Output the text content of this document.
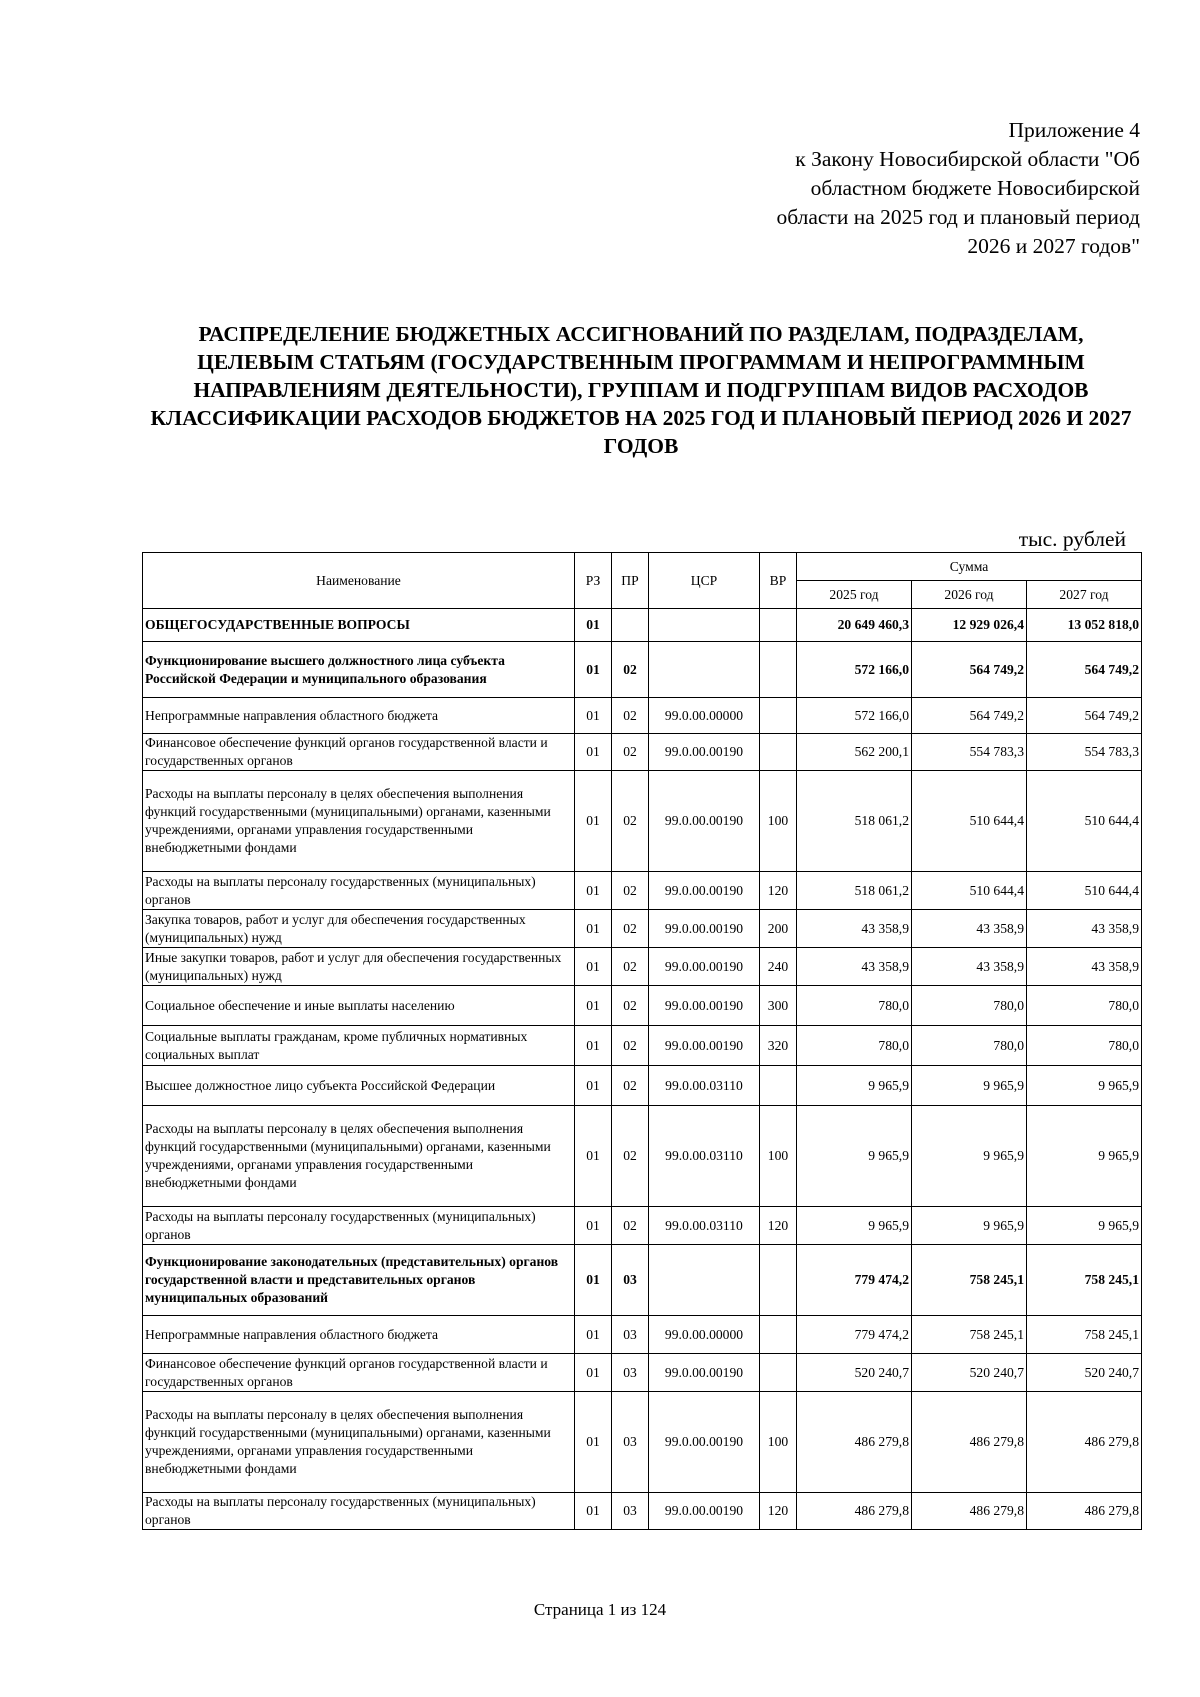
Приложение 4
к Закону Новосибирской области "Об
областном бюджете Новосибирской
области на 2025 год и плановый период
2026 и 2027 годов"
РАСПРЕДЕЛЕНИЕ БЮДЖЕТНЫХ АССИГНОВАНИЙ ПО РАЗДЕЛАМ, ПОДРАЗДЕЛАМ, ЦЕЛЕВЫМ СТАТЬЯМ (ГОСУДАРСТВЕННЫМ ПРОГРАММАМ И НЕПРОГРАММНЫМ НАПРАВЛЕНИЯМ ДЕЯТЕЛЬНОСТИ), ГРУППАМ И ПОДГРУППАМ ВИДОВ РАСХОДОВ КЛАССИФИКАЦИИ РАСХОДОВ БЮДЖЕТОВ НА 2025 ГОД И ПЛАНОВЫЙ ПЕРИОД 2026 И 2027 ГОДОВ
тыс. рублей
Наименование	РЗ	ПР	ЦСР	ВР	Сумма		
					2025 год	2026 год	2027 год
ОБЩЕГОСУДАРСТВЕННЫЕ ВОПРОСЫ	01				20 649 460,3	12 929 026,4	13 052 818,0
Функционирование высшего должностного лица субъекта Российской Федерации и муниципального образования	01	02			572 166,0	564 749,2	564 749,2
Непрограммные направления областного бюджета	01	02	99.0.00.00000		572 166,0	564 749,2	564 749,2
Финансовое обеспечение функций органов государственной власти и государственных органов	01	02	99.0.00.00190		562 200,1	554 783,3	554 783,3
Расходы на выплаты персоналу в целях обеспечения выполнения функций государственными (муниципальными) органами, казенными учреждениями, органами управления государственными внебюджетными фондами	01	02	99.0.00.00190	100	518 061,2	510 644,4	510 644,4
Расходы на выплаты персоналу государственных (муниципальных) органов	01	02	99.0.00.00190	120	518 061,2	510 644,4	510 644,4
Закупка товаров, работ и услуг для обеспечения государственных (муниципальных) нужд	01	02	99.0.00.00190	200	43 358,9	43 358,9	43 358,9
Иные закупки товаров, работ и услуг для обеспечения государственных (муниципальных) нужд	01	02	99.0.00.00190	240	43 358,9	43 358,9	43 358,9
Социальное обеспечение и иные выплаты населению	01	02	99.0.00.00190	300	780,0	780,0	780,0
Социальные выплаты гражданам, кроме публичных нормативных социальных выплат	01	02	99.0.00.00190	320	780,0	780,0	780,0
Высшее должностное лицо субъекта Российской Федерации	01	02	99.0.00.03110		9 965,9	9 965,9	9 965,9
Расходы на выплаты персоналу в целях обеспечения выполнения функций государственными (муниципальными) органами, казенными учреждениями, органами управления государственными внебюджетными фондами	01	02	99.0.00.03110	100	9 965,9	9 965,9	9 965,9
Расходы на выплаты персоналу государственных (муниципальных) органов	01	02	99.0.00.03110	120	9 965,9	9 965,9	9 965,9
Функционирование законодательных (представительных) органов государственной власти и представительных органов муниципальных образований	01	03			779 474,2	758 245,1	758 245,1
Непрограммные направления областного бюджета	01	03	99.0.00.00000		779 474,2	758 245,1	758 245,1
Финансовое обеспечение функций органов государственной власти и государственных органов	01	03	99.0.00.00190		520 240,7	520 240,7	520 240,7
Расходы на выплаты персоналу в целях обеспечения выполнения функций государственными (муниципальными) органами, казенными учреждениями, органами управления государственными внебюджетными фондами	01	03	99.0.00.00190	100	486 279,8	486 279,8	486 279,8
Расходы на выплаты персоналу государственных (муниципальных) органов	01	03	99.0.00.00190	120	486 279,8	486 279,8	486 279,8
Страница 1 из 124
